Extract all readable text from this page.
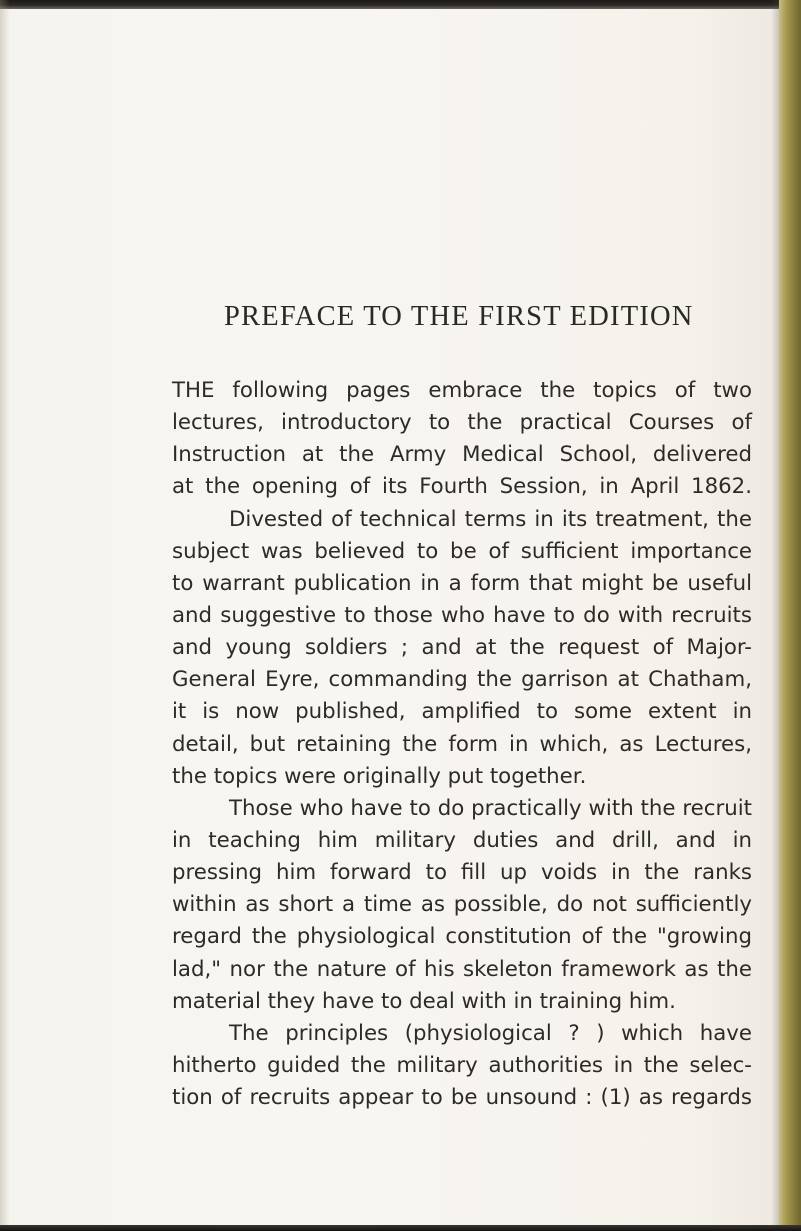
PREFACE TO THE FIRST EDITION
THE following pages embrace the topics of two
lectures, introductory to the practical Courses of
Instruction at the Army Medical School, delivered
at the opening of its Fourth Session, in April 1862.
Divested of technical terms in its treatment, the
subject was believed to be of sufficient importance
to warrant publication in a form that might be useful
and suggestive to those who have to do with recruits
and young soldiers ; and at the request of Major-
General Eyre, commanding the garrison at Chatham,
it is now published, amplified to some extent in
detail, but retaining the form in which, as Lectures,
the topics were originally put together.
Those who have to do practically with the recruit
in teaching him military duties and drill, and in
pressing him forward to fill up voids in the ranks
within as short a time as possible, do not sufficiently
regard the physiological constitution of the "growing
lad," nor the nature of his skeleton framework as the
material they have to deal with in training him.
The principles (physiological ? ) which have
hitherto guided the military authorities in the selec-
tion of recruits appear to be unsound : (1) as regards
